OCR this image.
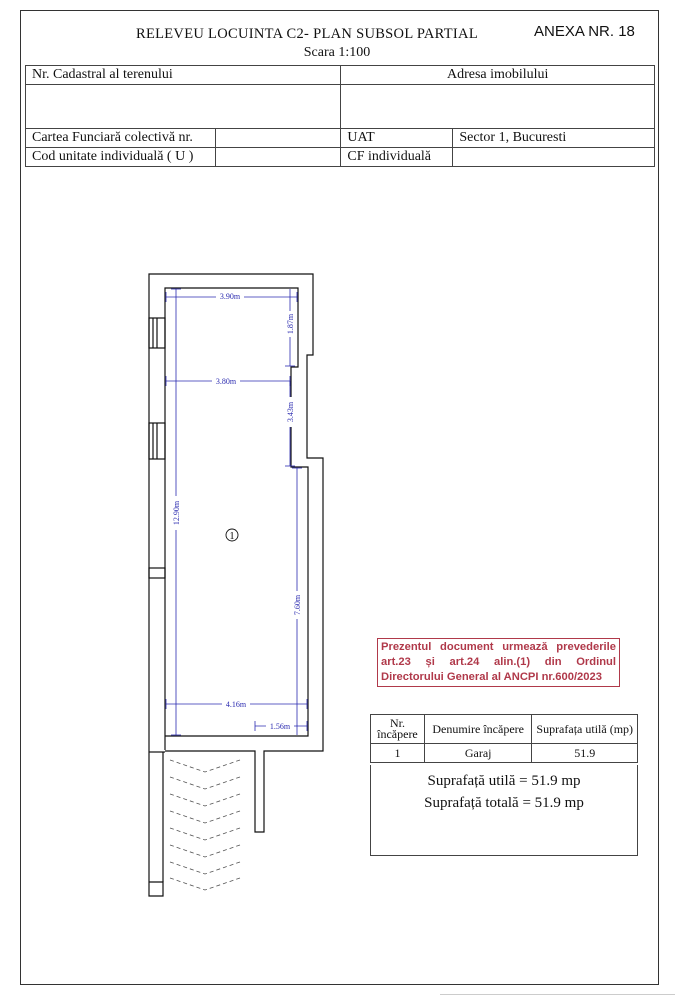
RELEVEU LOCUINTA C2- PLAN SUBSOL PARTIAL
Scara 1:100
ANEXA NR. 18
Nr. Cadastral al terenului		Adresa imobilului	

Cartea Funciară colectivă nr.		UAT	Sector 1, Bucuresti
Cod unitate individuală ( U )		CF individuală	
3.90m
3.80m
4.16m
1.56m
12.90m
1.87m
3.43m
7.60m
1
Prezentul document urmează prevederile art.23 și art.24 alin.(1) din Ordinul Directorului General al ANCPI nr.600/2023
Nr. încăpere	Denumire încăpere	Suprafața utilă (mp)
1	Garaj	51.9
Suprafață utilă = 51.9 mp
Suprafață totală = 51.9 mp
